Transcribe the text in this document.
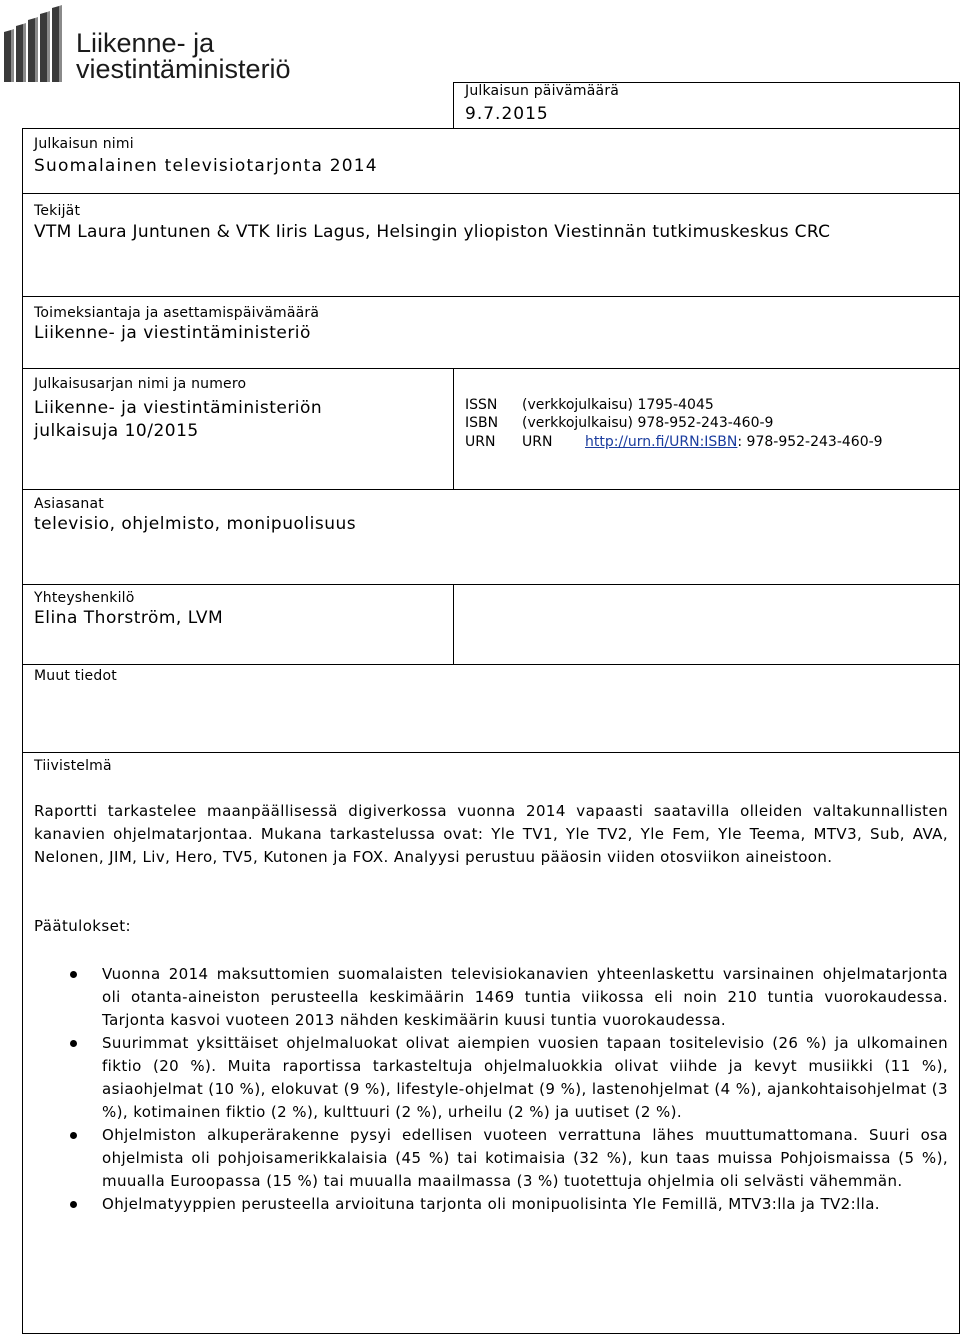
Liikenne- ja
viestintäministeriö
Julkaisun päivämäärä
9.7.2015
Julkaisun nimi
Suomalainen televisiotarjonta 2014
Tekijät
VTM Laura Juntunen & VTK Iiris Lagus, Helsingin yliopiston Viestinnän tutkimuskeskus CRC
Toimeksiantaja ja asettamispäivämäärä
Liikenne- ja viestintäministeriö
Julkaisusarjan nimi ja numero
Liikenne- ja viestintäministeriön
julkaisuja 10/2015
ISSN (verkkojulkaisu) 1795-4045
ISBN (verkkojulkaisu) 978-952-243-460-9
URN URN http://urn.fi/URN:ISBN: 978-952-243-460-9
Asiasanat
televisio, ohjelmisto, monipuolisuus
Yhteyshenkilö
Elina Thorström, LVM
Muut tiedot
Tiivistelmä
Raportti tarkastelee maanpäällisessä digiverkossa vuonna 2014 vapaasti saatavilla olleiden valtakunnallisten kanavien ohjelmatarjontaa. Mukana tarkastelussa ovat: Yle TV1, Yle TV2, Yle Fem, Yle Teema, MTV3, Sub, AVA, Nelonen, JIM, Liv, Hero, TV5, Kutonen ja FOX. Analyysi perustuu pääosin viiden otosviikon aineistoon.
Päätulokset:
Vuonna 2014 maksuttomien suomalaisten televisiokanavien yhteenlaskettu varsinainen ohjelmatarjonta oli otanta-aineiston perusteella keskimäärin 1469 tuntia viikossa eli noin 210 tuntia vuorokaudessa. Tarjonta kasvoi vuoteen 2013 nähden keskimäärin kuusi tuntia vuorokaudessa.
Suurimmat yksittäiset ohjelmaluokat olivat aiempien vuosien tapaan tositelevisio (26 %) ja ulkomainen fiktio (20 %). Muita raportissa tarkasteltuja ohjelmaluokkia olivat viihde ja kevyt musiikki (11 %), asiaohjelmat (10 %), elokuvat (9 %), lifestyle-ohjelmat (9 %), lastenohjelmat (4 %), ajankohtaisohjelmat (3 %), kotimainen fiktio (2 %), kulttuuri (2 %), urheilu (2 %) ja uutiset (2 %).
Ohjelmiston alkuperärakenne pysyi edellisen vuoteen verrattuna lähes muuttumattomana. Suuri osa ohjelmista oli pohjoisamerikkalaisia (45 %) tai kotimaisia (32 %), kun taas muissa Pohjoismaissa (5 %), muualla Euroopassa (15 %) tai muualla maailmassa (3 %) tuotettuja ohjelmia oli selvästi vähemmän.
Ohjelmatyyppien perusteella arvioituna tarjonta oli monipuolisinta Yle Femillä, MTV3:lla ja TV2:lla.
